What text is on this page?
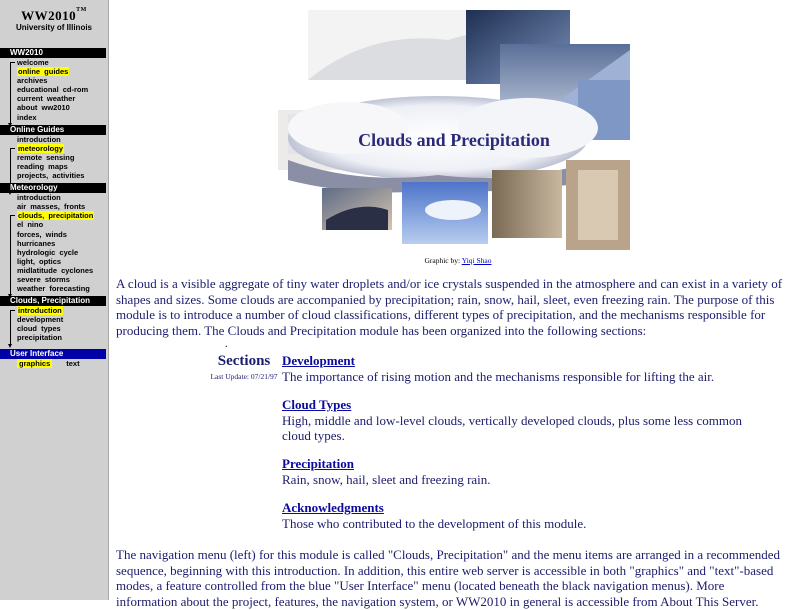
WW2010™
University of Illinois
WW2010
welcome
online guides
archives
educational cd-rom
current weather
about ww2010
index
Online Guides
introduction
meteorology
remote sensing
reading maps
projects, activities
Meteorology
introduction
air masses, fronts
clouds, precipitation
el nino
forces, winds
hurricanes
hydrologic cycle
light, optics
midlatitude cyclones
severe storms
weather forecasting
Clouds, Precipitation
introduction
development
cloud types
precipitation
User Interface
graphics text
Clouds and Precipitation
Graphic by: Yiqi Shao
A cloud is a visible aggregate of tiny water droplets and/or ice crystals suspended in the atmosphere and can exist in a variety of shapes and sizes. Some clouds are accompanied by precipitation; rain, snow, hail, sleet, even freezing rain. The purpose of this module is to introduce a number of cloud classifications, different types of precipitation, and the mechanisms responsible for producing them. The Clouds and Precipitation module has been organized into the following sections:
.
Sections
Last Update: 07/21/97
Development
The importance of rising motion and the mechanisms responsible for lifting the air.
Cloud Types
High, middle and low-level clouds, vertically developed clouds, plus some less common cloud types.
Precipitation
Rain, snow, hail, sleet and freezing rain.
Acknowledgments
Those who contributed to the development of this module.
The navigation menu (left) for this module is called "Clouds, Precipitation" and the menu items are arranged in a recommended sequence, beginning with this introduction. In addition, this entire web server is accessible in both "graphics" and "text"-based modes, a feature controlled from the blue "User Interface" menu (located beneath the black navigation menus). More information about the project, features, the navigation system, or WW2010 in general is accessible from About This Server.
